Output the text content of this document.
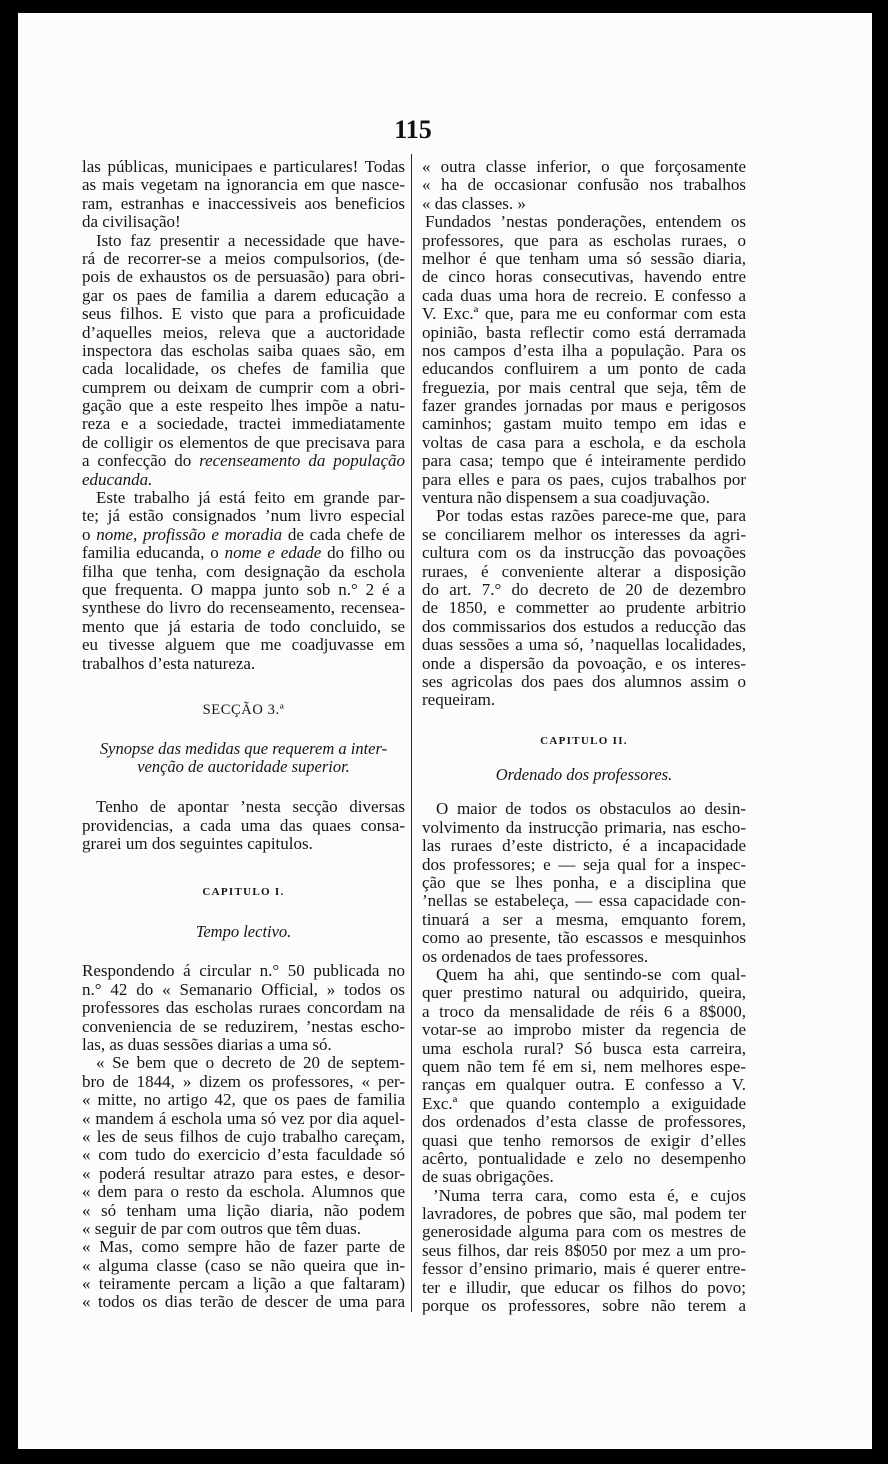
115
las públicas, municipaes e particulares! Todas
as mais vegetam na ignorancia em que nasce-
ram, estranhas e inaccessiveis aos beneficios
da civilisação!
Isto faz presentir a necessidade que have-
rá de recorrer-se a meios compulsorios, (de-
pois de exhaustos os de persuasão) para obri-
gar os paes de familia a darem educação a
seus filhos. E visto que para a proficuidade
d’aquelles meios, releva que a auctoridade
inspectora das escholas saiba quaes são, em
cada localidade, os chefes de familia que
cumprem ou deixam de cumprir com a obri-
gação que a este respeito lhes impõe a natu-
reza e a sociedade, tractei immediatamente
de colligir os elementos de que precisava para
a confecção do recenseamento da população
educanda.
Este trabalho já está feito em grande par-
te; já estão consignados ’num livro especial
o nome, profissão e moradia de cada chefe de
familia educanda, o nome e edade do filho ou
filha que tenha, com designação da eschola
que frequenta. O mappa junto sob n.° 2 é a
synthese do livro do recenseamento, recensea-
mento que já estaria de todo concluido, se
eu tivesse alguem que me coadjuvasse em
trabalhos d’esta natureza.
SECÇÃO 3.ª
Synopse das medidas que requerem a inter-
venção de auctoridade superior.
Tenho de apontar ’nesta secção diversas
providencias, a cada uma das quaes consa-
grarei um dos seguintes capitulos.
CAPITULO I.
Tempo lectivo.
Respondendo á circular n.° 50 publicada no
n.° 42 do « Semanario Official, » todos os
professores das escholas ruraes concordam na
conveniencia de se reduzirem, ’nestas escho-
las, as duas sessões diarias a uma só.
« Se bem que o decreto de 20 de septem-
bro de 1844, » dizem os professores, « per-
« mitte, no artigo 42, que os paes de familia
« mandem á eschola uma só vez por dia aquel-
« les de seus filhos de cujo trabalho careçam,
« com tudo do exercicio d’esta faculdade só
« poderá resultar atrazo para estes, e desor-
« dem para o resto da eschola. Alumnos que
« só tenham uma lição diaria, não podem
« seguir de par com outros que têm duas.
« Mas, como sempre hão de fazer parte de
« alguma classe (caso se não queira que in-
« teiramente percam a lição a que faltaram)
« todos os dias terão de descer de uma para
« outra classe inferior, o que forçosamente
« ha de occasionar confusão nos trabalhos
« das classes. »
Fundados ’nestas ponderações, entendem os
professores, que para as escholas ruraes, o
melhor é que tenham uma só sessão diaria,
de cinco horas consecutivas, havendo entre
cada duas uma hora de recreio. E confesso a
V. Exc.ª que, para me eu conformar com esta
opinião, basta reflectir como está derramada
nos campos d’esta ilha a população. Para os
educandos confluirem a um ponto de cada
freguezia, por mais central que seja, têm de
fazer grandes jornadas por maus e perigosos
caminhos; gastam muito tempo em idas e
voltas de casa para a eschola, e da eschola
para casa; tempo que é inteiramente perdido
para elles e para os paes, cujos trabalhos por
ventura não dispensem a sua coadjuvação.
Por todas estas razões parece-me que, para
se conciliarem melhor os interesses da agri-
cultura com os da instrucção das povoações
ruraes, é conveniente alterar a disposição
do art. 7.° do decreto de 20 de dezembro
de 1850, e commetter ao prudente arbitrio
dos commissarios dos estudos a reducção das
duas sessões a uma só, ’naquellas localidades,
onde a dispersão da povoação, e os interes-
ses agricolas dos paes dos alumnos assim o
requeiram.
CAPITULO II.
Ordenado dos professores.
O maior de todos os obstaculos ao desin-
volvimento da instrucção primaria, nas escho-
las ruraes d’este districto, é a incapacidade
dos professores; e — seja qual for a inspec-
ção que se lhes ponha, e a disciplina que
’nellas se estabeleça, — essa capacidade con-
tinuará a ser a mesma, emquanto forem,
como ao presente, tão escassos e mesquinhos
os ordenados de taes professores.
Quem ha ahi, que sentindo-se com qual-
quer prestimo natural ou adquirido, queira,
a troco da mensalidade de réis 6 a 8$000,
votar-se ao improbo mister da regencia de
uma eschola rural? Só busca esta carreira,
quem não tem fé em si, nem melhores espe-
ranças em qualquer outra. E confesso a V.
Exc.ª que quando contemplo a exiguidade
dos ordenados d’esta classe de professores,
quasi que tenho remorsos de exigir d’elles
acêrto, pontualidade e zelo no desempenho
de suas obrigações.
’Numa terra cara, como esta é, e cujos
lavradores, de pobres que são, mal podem ter
generosidade alguma para com os mestres de
seus filhos, dar reis 8$050 por mez a um pro-
fessor d’ensino primario, mais é querer entre-
ter e illudir, que educar os filhos do povo;
porque os professores, sobre não terem a
